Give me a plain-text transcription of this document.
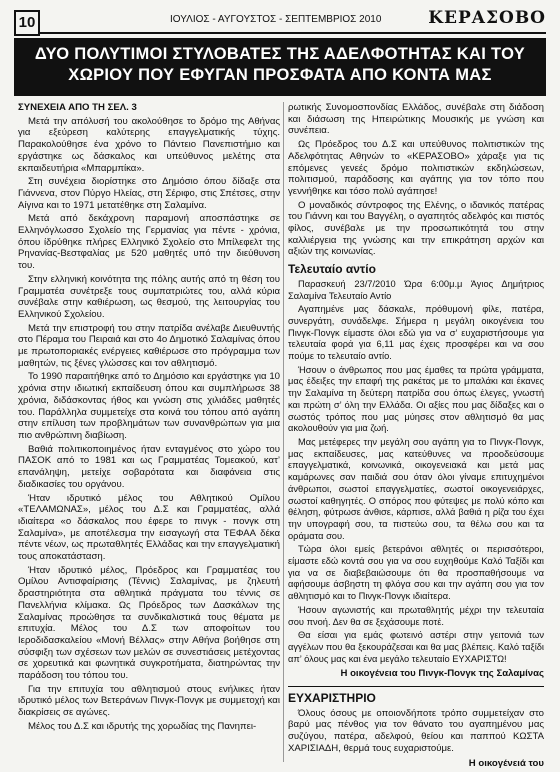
10	ΙΟΥΛΙΟΣ - ΑΥΓΟΥΣΤΟΣ - ΣΕΠΤΕΜΒΡΙΟΣ 2010	ΚΕΡΑΣΟΒΟ
ΔΥΟ ΠΟΛΥΤΙΜΟΙ ΣΤΥΛΟΒΑΤΕΣ ΤΗΣ ΑΔΕΛΦΟΤΗΤΑΣ ΚΑΙ ΤΟΥ ΧΩΡΙΟΥ ΠΟΥ ΕΦΥΓΑΝ ΠΡΟΣΦΑΤΑ ΑΠΟ ΚΟΝΤΑ ΜΑΣ

ΣΥΝΕΧΕΙΑ ΑΠΟ ΤΗ ΣΕΛ. 3

Μετά την απόλυσή του ακολούθησε το δρόμο της Αθήνας για εξεύρεση καλύτερης επαγγελματικής τύχης. Παρακολούθησε ένα χρόνο το Πάντειο Πανεπιστήμιο και εργάστηκε ως δάσκαλος και υπεύθυνος μελέτης στα εκπαιδευτήρια «Μπαρμπίκα».

Στη συνέχεια διορίστηκε στο Δημόσιο όπου δίδαξε στα Γιάννενα, στον Πύργο Ηλείας, στη Σέριφο, στις Σπέτσες, στην Αίγινα και το 1971 μετατέθηκε στη Σαλαμίνα.

Μετά από δεκάχρονη παραμονή αποσπάστηκε σε Ελληνόγλωσσο Σχολείο της Γερμανίας για πέντε - χρόνια, όπου ίδρύθηκε πλήρες Ελληνικό Σχολείο στο Μπίλεφελτ της Ρηνανίας-Βεστφαλίας με 520 μαθητές υπό την διεύθυνση του.

Στην ελληνική κοινότητα της πόλης αυτής από τη θέση του Γραμματέα συνέτρεξε τους συμπατριώτες του, αλλά κύρια συνέβαλε στην καθιέρωση, ως θεσμού, της λειτουργίας του Ελληνικού Σχολείου.

Μετά την επιστροφή του στην πατρίδα ανέλαβε Διευθυντής στο Πέραμα του Πειραιά και στο 4ο Δημοτικό Σαλαμίνας όπου με πρωτοποριακές ενέργειες καθιέρωσε στο πρόγραμμα των μαθητών, τις ξένες γλώσσες και τον αθλητισμό.

Το 1990 παραιτήθηκε από το Δημόσιο και εργάστηκε για 10 χρόνια στην ιδιωτική εκπαίδευση όπου και συμπλήρωσε 38 χρόνια, διδάσκοντας ήθος και γνώση στις χιλιάδες μαθητές του. Παράλληλα συμμετείχε στα κοινά του τόπου από αγάπη στην επίλυση των προβλημάτων των συνανθρώπων για μια πιο ανθρώπινη διαβίωση.

Βαθιά πολιτικοποιημένος ήταν ενταγμένος στο χώρο του ΠΑΣΟΚ από το 1981 και ως Γραμματέας Τομεακού, κατ’ επανάληψη, μετείχε σοβαρότατα και διαφάνεια στις διαδικασίες του οργάνου.

Ήταν ιδρυτικό μέλος του Αθλητικού Ομίλου «ΤΕΛΑΜΩΝΑΣ», μέλος του Δ.Σ και Γραμματέας, αλλά ιδιαίτερα «ο δάσκαλος που έφερε το πινγκ - πονγκ στη Σαλαμίνα», με αποτέλεσμα την εισαγωγή στα ΤΕΦΑΑ δέκα πέντε νέων, ως πρωταθλητές Ελλάδας και την επαγγελματική τους αποκατάσταση.

Ήταν ιδρυτικό μέλος, Πρόεδρος και Γραμματέας του Ομίλου Αντισφαίρισης (Τέννις) Σαλαμίνας, με ζηλευτή δραστηριότητα στα αθλητικά πράγματα του τέννις σε Πανελλήνια κλίμακα. Ως Πρόεδρος των Δασκάλων της Σαλαμίνας προώθησε τα συνδικαλιστικά τους θέματα με επιτυχία. Μέλος του Δ.Σ των αποφοίτων του Ιεροδιδασκαλείου «Μονή Βέλλας» στην Αθήνα βοήθησε στη σύσφιξη των σχέσεων των μελών σε συνεστιάσεις μετέχοντας σε χορευτικά και φωνητικά συγκροτήματα, διατηρώντας την παράδοση του τόπου του.

Για την επιτυχία του αθλητισμού στους ενήλικες ήταν ιδρυτικό μέλος των Βετεράνων Πινγκ-Πονγκ με συμμετοχή και διακρίσεις σε αγώνες.

Μέλος του Δ.Σ και ιδρυτής της χορωδίας της Πανηπει-

ρωτικής Συνομοσπονδίας Ελλάδος, συνέβαλε στη διάδοση και διάσωση της Ηπειρώτικης Μουσικής με γνώση και συνέπεια.

Ως Πρόεδρος του Δ.Σ και υπεύθυνος πολιτιστικών της Αδελφότητας Αθηνών το «ΚΕΡΑΣΟΒΟ» χάραξε για τις επόμενες γενεές δρόμο πολιτιστικών εκδηλώσεων, πολιτισμού, παράδοσης και αγάπης για τον τόπο που γεννήθηκε και τόσο πολύ αγάπησε!

Ο μοναδικός σύντροφος της Ελένης, ο ιδανικός πατέρας του Γιάννη και του Βαγγέλη, ο αγαπητός αδελφός και πιστός φίλος, συνέβαλε με την προσωπικότητά του στην καλλιέργεια της γνώσης και την επικράτηση αρχών και αξιών της κοινωνίας.

Τελευταίο αντίο

Παρασκευή 23/7/2010 Ώρα 6:00μ.μ Άγιος Δημήτριος Σαλαμίνα Τελευταίο Αντίο

Αγαπημένε μας δάσκαλε, πρόθυμονή φίλε, πατέρα, συνεργάτη, συνάδελφε. Σήμερα η μεγάλη οικογένεια του Πινγκ-Πονγκ είμαστε όλοι εδώ για να σ’ ευχαριστήσουμε για τελευταία φορά για 6,11 μας έχεις προσφέρει και να σου πούμε το τελευταίο αντίο.

Ήσουν ο άνθρωπος που μας έμαθες τα πρώτα γράμματα, μας έδειξες την επαφή της ρακέτας με το μπαλάκι και έκανες την Σαλαμίνα τη δεύτερη πατρίδα σου όπως έλεγες, γνωστή και πρώτη σ’ όλη την Ελλάδα. Οι αξίες που μας δίδαξες και ο σωστός τρόπος που μας μύησες στον αθλητισμό θα μας ακολουθούν για μια ζωή.

Μας μετέφερες την μεγάλη σου αγάπη για το Πινγκ-Πονγκ, μας εκπαίδευσες, μας κατεύθυνες να προοδεύσουμε επαγγελματικά, κοινωνικά, οικογενειακά και μετά μας καμάρωνες σαν παιδιά σου όταν όλοι γίναμε επιτυχημένοι άνθρωποι, σωστοί επαγγελματίες, σωστοί οικογενειάρχες, σωστοί καθηγητές. Ο σπόρος που φύτεψες με πολύ κόπο και θέληση, φύτρωσε άνθισε, κάρπισε, αλλά βαθιά η ρίζα του έχει την υπογραφή σου, τα πιστεύω σου, τα θέλω σου και τα οράματα σου.

Τώρα όλοι εμείς βετεράνοι αθλητές οι περισσότεροι, είμαστε εδώ κοντά σου για να σου ευχηθούμε Καλό Ταξίδι και για να σε διαβεβαιώσουμε ότι θα προσπαθήσουμε να αφήσουμε άσβηστη τη φλόγα σου και την αγάπη σου για τον αθλητισμό και το Πινγκ-Πονγκ ιδιαίτερα.

Ήσουν αγωνιστής και πρωταθλητής μέχρι την τελευταία σου πνοή. Δεν θα σε ξεχάσουμε ποτέ.

Θα είσαι για εμάς φωτεινό αστέρι στην γειτονιά των αγγέλων που θα ξεκουράζεσαι και θα μας βλέπεις. Καλό ταξίδι απ’ όλους μας και ένα μεγάλο τελευταίο ΕΥΧΑΡΙΣΤΩ!

Η οικογένεια του Πινγκ-Πονγκ της Σαλαμίνας
ΕΥΧΑΡΙΣΤΗΡΙΟ

Όλους όσους με οποιονδήποτε τρόπο συμμετείχαν στο βαρύ μας πένθος για τον θάνατο του αγαπημένου μας συζύγου, πατέρα, αδελφού, θείου και παππού ΚΩΣΤΑ ΧΑΡΙΣΙΑΔΗ, θερμά τους ευχαριστούμε.

Η οικογένειά του
